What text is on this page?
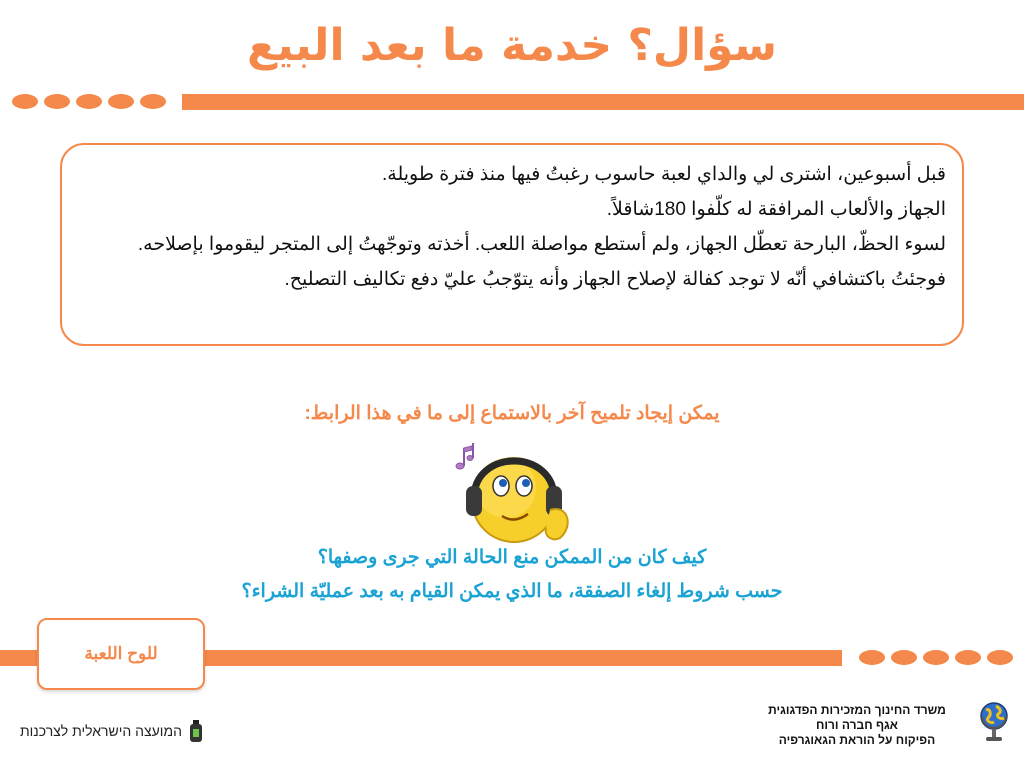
سؤال؟ خدمة ما بعد البيع

قبل أسبوعين، اشترى لي والداي لعبة حاسوب رغبتُ فيها منذ فترة طويلة.

الجهاز والألعاب المرافقة له كلّفوا 180شاقلاً.

لسوء الحظّ، البارحة تعطّل الجهاز، ولم أستطع مواصلة اللعب. أخذته وتوجّهتُ إلى المتجر ليقوموا بإصلاحه.

فوجئتُ باكتشافي أنّه لا توجد كفالة لإصلاح الجهاز وأنه يتوّجبُ عليّ دفع تكاليف التصليح.

يمكن إيجاد تلميح آخر بالاستماع إلى ما في هذا الرابط:
كيف كان من الممكن منع الحالة التي جرى وصفها؟
حسب شروط إلغاء الصفقة، ما الذي يمكن القيام به بعد عمليّة الشراء؟
للوح اللعبة
המועצה הישראלית לצרכנות
משרד החינוך המזכירות הפדגוגית
אגף חברה ורוח
הפיקוח על הוראת הגאוגרפיה
